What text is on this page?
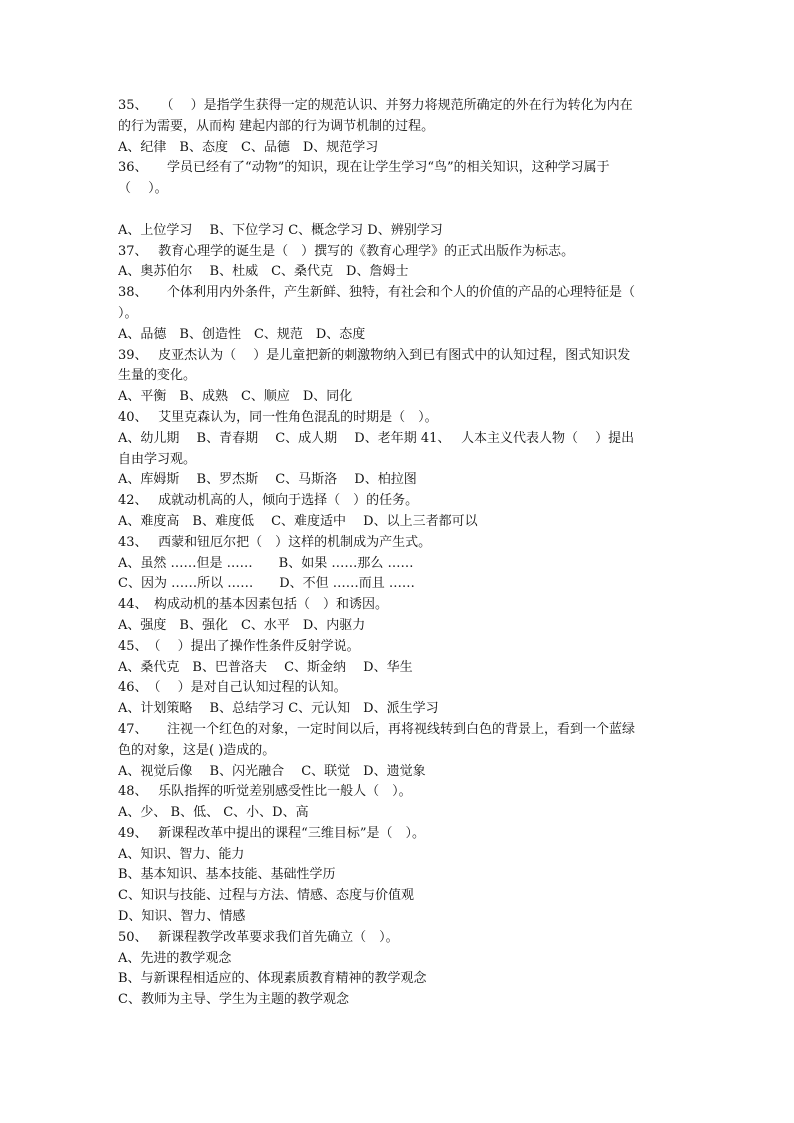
35、　　（　 ）是指学生获得一定的规范认识、并努力将规范所确定的外在行为转化为内在
的行为需要，从而构 建起内部的行为调节机制的过程。
A、纪律　B、态度　C、品德　D、规范学习
36、　　学员已经有了“动物”的知识，现在让学生学习“鸟”的相关知识，这种学习属于
（　 ）。
A、上位学习　 B、下位学习 C、概念学习 D、辨别学习
37、　 教育心理学的诞生是（　）撰写的《教育心理学》的正式出版作为标志。
A、奥苏伯尔　 B、杜威　C、桑代克　D、詹姆士
38、　　个体利用内外条件，产生新鲜、独特，有社会和个人的价值的产品的心理特征是（
）。
A、品德　B、创造性　C、规范　D、态度
39、　 皮亚杰认为（　 ）是儿童把新的刺激物纳入到已有图式中的认知过程，图式知识发
生量的变化。
A、平衡　B、成熟　C、顺应　D、同化
40、　 艾里克森认为，同一性角色混乱的时期是（　）。
A、幼儿期　 B、青春期　 C、成人期　 D、老年期 41、　 人本主义代表人物（　 ）提出
自由学习观。
A、库姆斯　 B、罗杰斯　 C、马斯洛　 D、柏拉图
42、　 成就动机高的人，倾向于选择（　）的任务。
A、难度高　B、难度低　 C、难度适中　 D、以上三者都可以
43、　 西蒙和钮厄尔把（　）这样的机制成为产生式。
A、虽然 ……但是 ……　　B、如果 ……那么 ……
C、因为 ……所以 ……　　D、不但 ……而且 ……
44、　构成动机的基本因素包括（　）和诱因。
A、强度　B、强化　C、水平　D、内驱力
45、　（　 ）提出了操作性条件反射学说。
A、桑代克　B、巴普洛夫　 C、斯金纳　 D、华生
46、　（　 ）是对自己认知过程的认知。
A、计划策略　 B、总结学习 C、元认知　D、派生学习
47、　　注视一个红色的对象，一定时间以后，再将视线转到白色的背景上，看到一个蓝绿
色的对象，这是( )造成的。
A、视觉后像　 B、闪光融合　 C、联觉　D、遗觉象
48、　 乐队指挥的听觉差别感受性比一般人（　）。
A、少、 B、低、 C、小、D、高
49、　 新课程改革中提出的课程“三维目标”是（　）。
A、知识、智力、能力
B、基本知识、基本技能、基础性学历
C、知识与技能、过程与方法、情感、态度与价值观
D、知识、智力、情感
50、　 新课程教学改革要求我们首先确立（　）。
A、先进的教学观念
B、与新课程相适应的、体现素质教育精神的教学观念
C、教师为主导、学生为主题的教学观念
